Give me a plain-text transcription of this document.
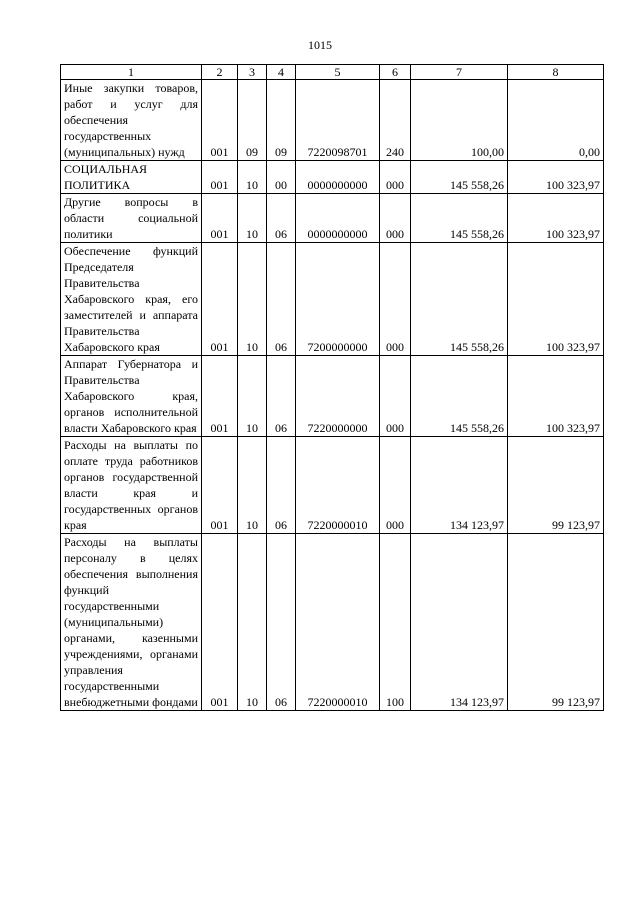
1015
1	2	3	4	5	6	7	8
Иные закупки товаров, работ и услуг для обеспечения государственных (муниципальных) нужд	001	09	09	7220098701	240	100,00	0,00
СОЦИАЛЬНАЯ ПОЛИТИКА	001	10	00	0000000000	000	145 558,26	100 323,97
Другие вопросы в области социальной политики	001	10	06	0000000000	000	145 558,26	100 323,97
Обеспечение функций Председателя Правительства Хабаровского края, его заместителей и аппарата Правительства Хабаровского края	001	10	06	7200000000	000	145 558,26	100 323,97
Аппарат Губернатора и Правительства Хабаровского края, органов исполнительной власти Хабаровского края	001	10	06	7220000000	000	145 558,26	100 323,97
Расходы на выплаты по оплате труда работников органов государственной власти края и государственных органов края	001	10	06	7220000010	000	134 123,97	99 123,97
Расходы на выплаты персоналу в целях обеспечения выполнения функций государственными (муниципальными) органами, казенными учреждениями, органами управления государственными внебюджетными фондами	001	10	06	7220000010	100	134 123,97	99 123,97
